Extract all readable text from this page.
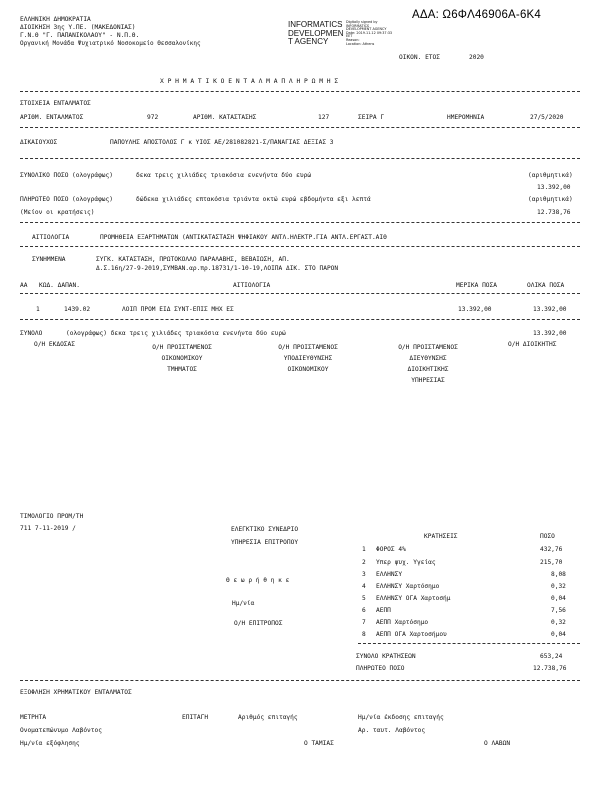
ΑΔΑ: Ω6ΦΛ46906Α-6Κ4
ΕΛΛΗΝΙΚΗ ΔΗΜΟΚΡΑΤΙΑ
ΔΙΟΙΚΗΣΗ 3ης Υ.ΠΕ. (ΜΑΚΕΔΟΝΙΑΣ)
Γ.Ν.Θ "Γ. ΠΑΠΑΝΙΚΟΛΑΟΥ" - Ν.Π.Θ.
Οργανική Μονάδα Ψυχιατρικό Νοσοκομείο Θεσσαλονίκης
INFORMATICS
DEVELOPMEN
T AGENCY
Digitally signed by
INFORMATICS
DEVELOPMENT AGENCY
Date: 2019.11.12 09:37:33
EET
Reason:
Location: Athens
ΟΙΚΟΝ. ΕΤΟΣ	2020
Χ Ρ Η Μ Α Τ Ι Κ Ο Ε Ν Τ Α Λ Μ Α Π Λ Η Ρ Ω Μ Η Σ
ΣΤΟΙΧΕΙΑ ΕΝΤΑΛΜΑΤΟΣ
ΑΡΙΘΜ. ΕΝΤΑΛΜΑΤΟΣ	972	ΑΡΙΘΜ. ΚΑΤΑΣΤΑΣΗΣ	127	ΣΕΙΡΑ Γ	ΗΜΕΡΟΜΗΝΙΑ	27/5/2020
ΔΙΚΑΙΟΥΧΟΣ	ΠΑΠΟΥΛΗΣ ΑΠΟΣΤΟΛΟΣ Γ κ ΥΙΟΣ ΑΕ/281082821-Σ/ΠΑΝΑΓΙΑΣ ΔΕΞΙΑΣ 3
ΣΥΝΟΛΙΚΟ ΠΟΣΟ (ολογράφως)	δεκα τρεις χιλιάδες τριακόσια ενενήντα δύο ευρώ	(αριθμητικά)
13.392,00
ΠΛΗΡΩΤΕΟ ΠΟΣΟ (ολογράφως)	δώδεκα χιλιάδες επτακόσια τριάντα οκτώ ευρώ εβδομήντα εξι λεπτά	(αριθμητικά)
(Μείον οι κρατήσεις)	12.738,76
ΑΙΤΙΟΛΟΓΙΑ	ΠΡΟΜΗΘΕΙΑ ΕΞΑΡΤΗΜΑΤΩΝ (ΑΝΤΙΚΑΤΑΣΤΑΣΗ ΨΗΦΙΑΚΟΥ ΑΝΤΛ.ΗΛΕΚΤΡ.ΓΙΑ ΑΝΤΛ.ΕΡΓΑΣΤ.ΑΙΘ
ΣΥΝΗΜΜΕΝΑ	ΣΥΓΚ. ΚΑΤΑΣΤΑΣΗ, ΠΡΩΤΟΚΟΛΛΟ ΠΑΡΑΛΑΒΗΣ, ΒΕΒΑΙΩΣΗ, ΑΠ.
Δ.Σ.16η/27-9-2019,ΣΥΜΒΑΝ.αρ.πρ.18731/1-10-19,ΛΟΙΠΑ ΔΙΚ. ΣΤΟ ΠΑΡΟΝ
ΑΑ ΚΩΔ. ΔΑΠΑΝ.	ΑΙΤΙΟΛΟΓΙΑ	ΜΕΡΙΚΑ ΠΟΣΑ	ΟΛΙΚΑ ΠΟΣΑ
1	1439.02	ΛΟΙΠ ΠΡΟΜ ΕΙΔ ΣΥΝΤ-ΕΠΙΣ ΜΗΧ ΕΣ	13.392,00	13.392,00
ΣΥΝΟΛΟ	(ολογράφως) δεκα τρεις χιλιάδες τριακόσια ενενήντα δύο ευρώ	13.392,00
Ο/Η ΕΚΔΟΣΑΣ	Ο/Η ΠΡΟΙΣΤΑΜΕΝΟΣ
ΟΙΚΟΝΟΜΙΚΟΥ
ΤΜΗΜΑΤΟΣ
Ο/Η ΠΡΟΙΣΤΑΜΕΝΟΣ
ΥΠΟΔΙΕΥΘΥΝΣΗΣ
ΟΙΚΟΝΟΜΙΚΟΥ
Ο/Η ΠΡΟΙΣΤΑΜΕΝΟΣ
ΔΙΕΥΘΥΝΣΗΣ
ΔΙΟΙΚΗΤΙΚΗΣ
ΥΠΗΡΕΣΙΑΣ
Ο/Η ΔΙΟΙΚΗΤΗΣ
ΤΙΜΟΛΟΓΙΟ ΠΡΟΜ/ΤΗ
711 7-11-2019 /	ΕΛΕΓΚΤΙΚΟ ΣΥΝΕΔΡΙΟ
ΥΠΗΡΕΣΙΑ ΕΠΙΤΡΟΠΟΥ
Θ ε ω ρ ή θ η κ ε
Ημ/νία
Ο/Η ΕΠΙΤΡΟΠΟΣ
ΚΡΑΤΗΣΕΙΣ	ΠΟΣΟ
1 ΦΟΡΟΣ 4%	432,76
2 Υπερ ψυχ. Υγείας	215,70
3 ΕΛΛΗΝΣΥ	8,08
4 ΕΛΛΗΝΣΥ Χαρτόσημο	0,32
5 ΕΛΛΗΝΣΥ ΟΓΑ Χαρτοσήμ	0,04
6 ΑΕΠΠ	7,56
7 ΑΕΠΠ Χαρτόσημο	0,32
8 ΑΕΠΠ ΟΓΑ Χαρτοσήμου	0,04
ΣΥΝΟΛΟ ΚΡΑΤΗΣΕΩΝ	653,24
ΠΛΗΡΩΤΕΟ ΠΟΣΟ	12.738,76
ΕΞΟΦΛΗΣΗ ΧΡΗΜΑΤΙΚΟΥ ΕΝΤΑΛΜΑΤΟΣ
ΜΕΤΡΗΤΑ	ΕΠΙΤΑΓΗ	Αριθμός επιταγής	Ημ/νία έκδοσης επιταγής
Ονοματεπώνυμο Λαβόντος	Αρ. ταυτ. Λαβόντος
Ημ/νία εξόφλησης	Ο ΤΑΜΙΑΣ	Ο ΛΑΒΩΝ
